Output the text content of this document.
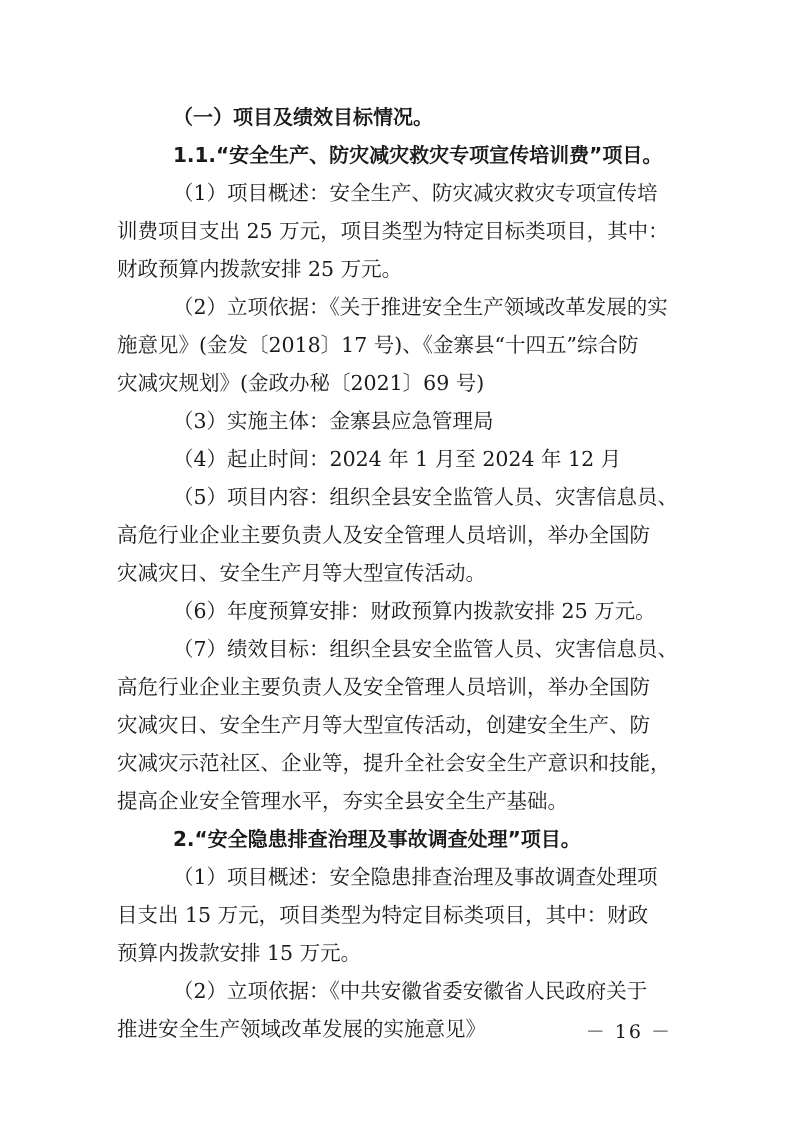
（一）项目及绩效目标情况。
1.1.“安全生产、防灾减灾救灾专项宣传培训费”项目。
（1）项目概述：安全生产、防灾减灾救灾专项宣传培
训费项目支出 25 万元，项目类型为特定目标类项目，其中：
财政预算内拨款安排 25 万元。
（2）立项依据：《关于推进安全生产领域改革发展的实
施意见》(金发〔2018〕17 号)、《金寨县“十四五”综合防
灾减灾规划》(金政办秘〔2021〕69 号)
（3）实施主体：金寨县应急管理局
（4）起止时间：2024 年 1 月至 2024 年 12 月
（5）项目内容：组织全县安全监管人员、灾害信息员、
高危行业企业主要负责人及安全管理人员培训，举办全国防
灾减灾日、安全生产月等大型宣传活动。
（6）年度预算安排：财政预算内拨款安排 25 万元。
（7）绩效目标：组织全县安全监管人员、灾害信息员、
高危行业企业主要负责人及安全管理人员培训，举办全国防
灾减灾日、安全生产月等大型宣传活动，创建安全生产、防
灾减灾示范社区、企业等，提升全社会安全生产意识和技能，
提高企业安全管理水平，夯实全县安全生产基础。
2.“安全隐患排查治理及事故调查处理”项目。
（1）项目概述：安全隐患排查治理及事故调查处理项
目支出 15 万元，项目类型为特定目标类项目，其中：财政
预算内拨款安排 15 万元。
（2）立项依据：《中共安徽省委安徽省人民政府关于
推进安全生产领域改革发展的实施意见》	－ 16 －
